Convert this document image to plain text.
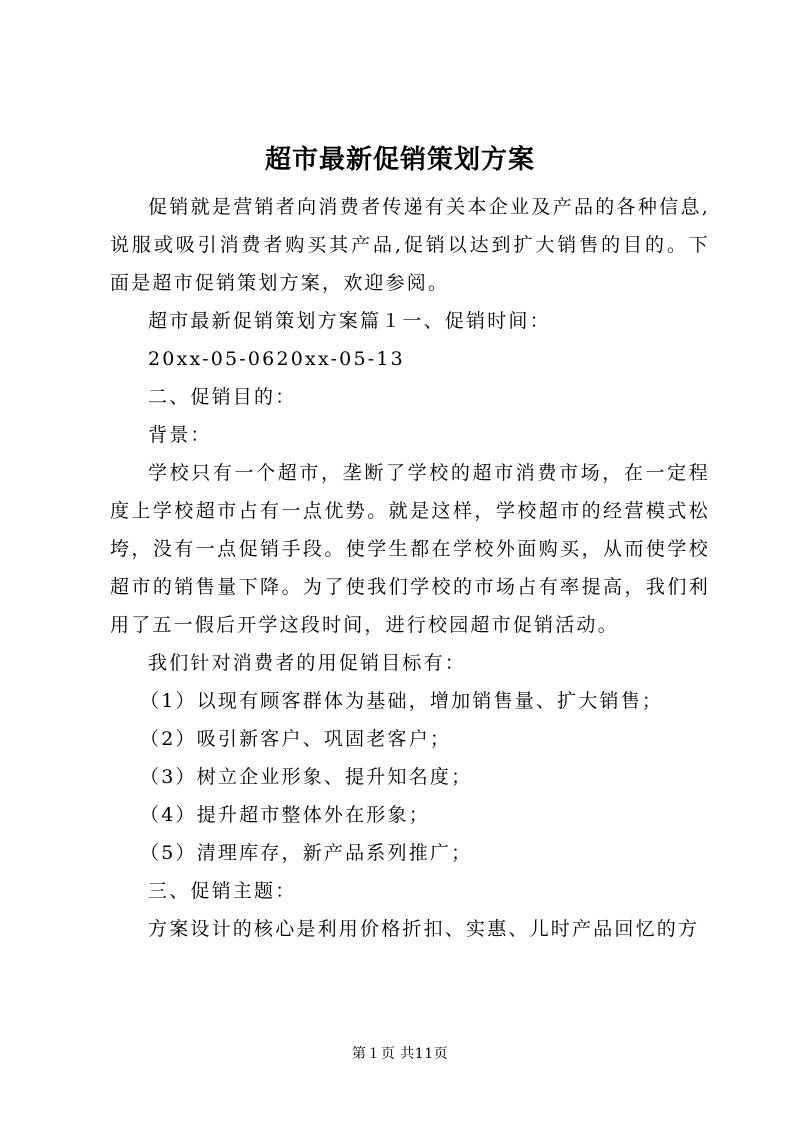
超市最新促销策划方案

促销就是营销者向消费者传递有关本企业及产品的各种信息,说服或吸引消费者购买其产品,促销以达到扩大销售的目的。下面是超市促销策划方案，欢迎参阅。

超市最新促销策划方案篇１一、促销时间：

20xx-05-0620xx-05-13

二、促销目的：

背景：

学校只有一个超市，垄断了学校的超市消费市场，在一定程度上学校超市占有一点优势。就是这样，学校超市的经营模式松垮，没有一点促销手段。使学生都在学校外面购买，从而使学校超市的销售量下降。为了使我们学校的市场占有率提高，我们利用了五一假后开学这段时间，进行校园超市促销活动。

我们针对消费者的用促销目标有：

（1）以现有顾客群体为基础，增加销售量、扩大销售；

（2）吸引新客户、巩固老客户；

（3）树立企业形象、提升知名度；

（4）提升超市整体外在形象；

（5）清理库存，新产品系列推广；

三、促销主题：

方案设计的核心是利用价格折扣、实惠、儿时产品回忆的方

第１页 共11页
